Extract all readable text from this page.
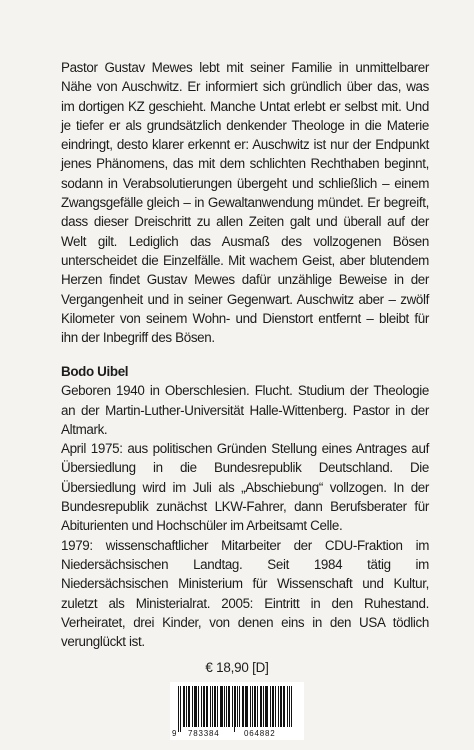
Pastor Gustav Mewes lebt mit seiner Familie in unmittelbarer Nähe von Auschwitz. Er informiert sich gründlich über das, was im dortigen KZ geschieht. Manche Untat erlebt er selbst mit. Und je tiefer er als grundsätzlich denkender Theologe in die Materie eindringt, desto klarer erkennt er: Auschwitz ist nur der Endpunkt jenes Phänomens, das mit dem schlichten Rechthaben beginnt, sodann in Verabsolutierungen übergeht und schließlich – einem Zwangsgefälle gleich – in Gewaltanwendung mündet. Er begreift, dass dieser Dreischritt zu allen Zeiten galt und überall auf der Welt gilt. Lediglich das Ausmaß des vollzogenen Bösen unterscheidet die Einzelfälle. Mit wachem Geist, aber blutendem Herzen findet Gustav Mewes dafür unzählige Beweise in der Vergangenheit und in seiner Gegenwart. Auschwitz aber – zwölf Kilometer von seinem Wohn- und Dienstort entfernt – bleibt für ihn der Inbegriff des Bösen.

Bodo Uibel

Geboren 1940 in Oberschlesien. Flucht. Studium der Theologie an der Martin-Luther-Universität Halle-Wittenberg. Pastor in der Altmark.

April 1975: aus politischen Gründen Stellung eines Antrages auf Übersiedlung in die Bundesrepublik Deutschland. Die Übersiedlung wird im Juli als „Abschiebung“ vollzogen. In der Bundesrepublik zunächst LKW-Fahrer, dann Berufsberater für Abiturienten und Hochschüler im Arbeitsamt Celle.

1979: wissenschaftlicher Mitarbeiter der CDU-Fraktion im Niedersächsischen Landtag. Seit 1984 tätig im Niedersächsischen Ministerium für Wissenschaft und Kultur, zuletzt als Ministerialrat. 2005: Eintritt in den Ruhestand. Verheiratet, drei Kinder, von denen eins in den USA tödlich verunglückt ist.

€ 18,90 [D]
9 783384	064882
